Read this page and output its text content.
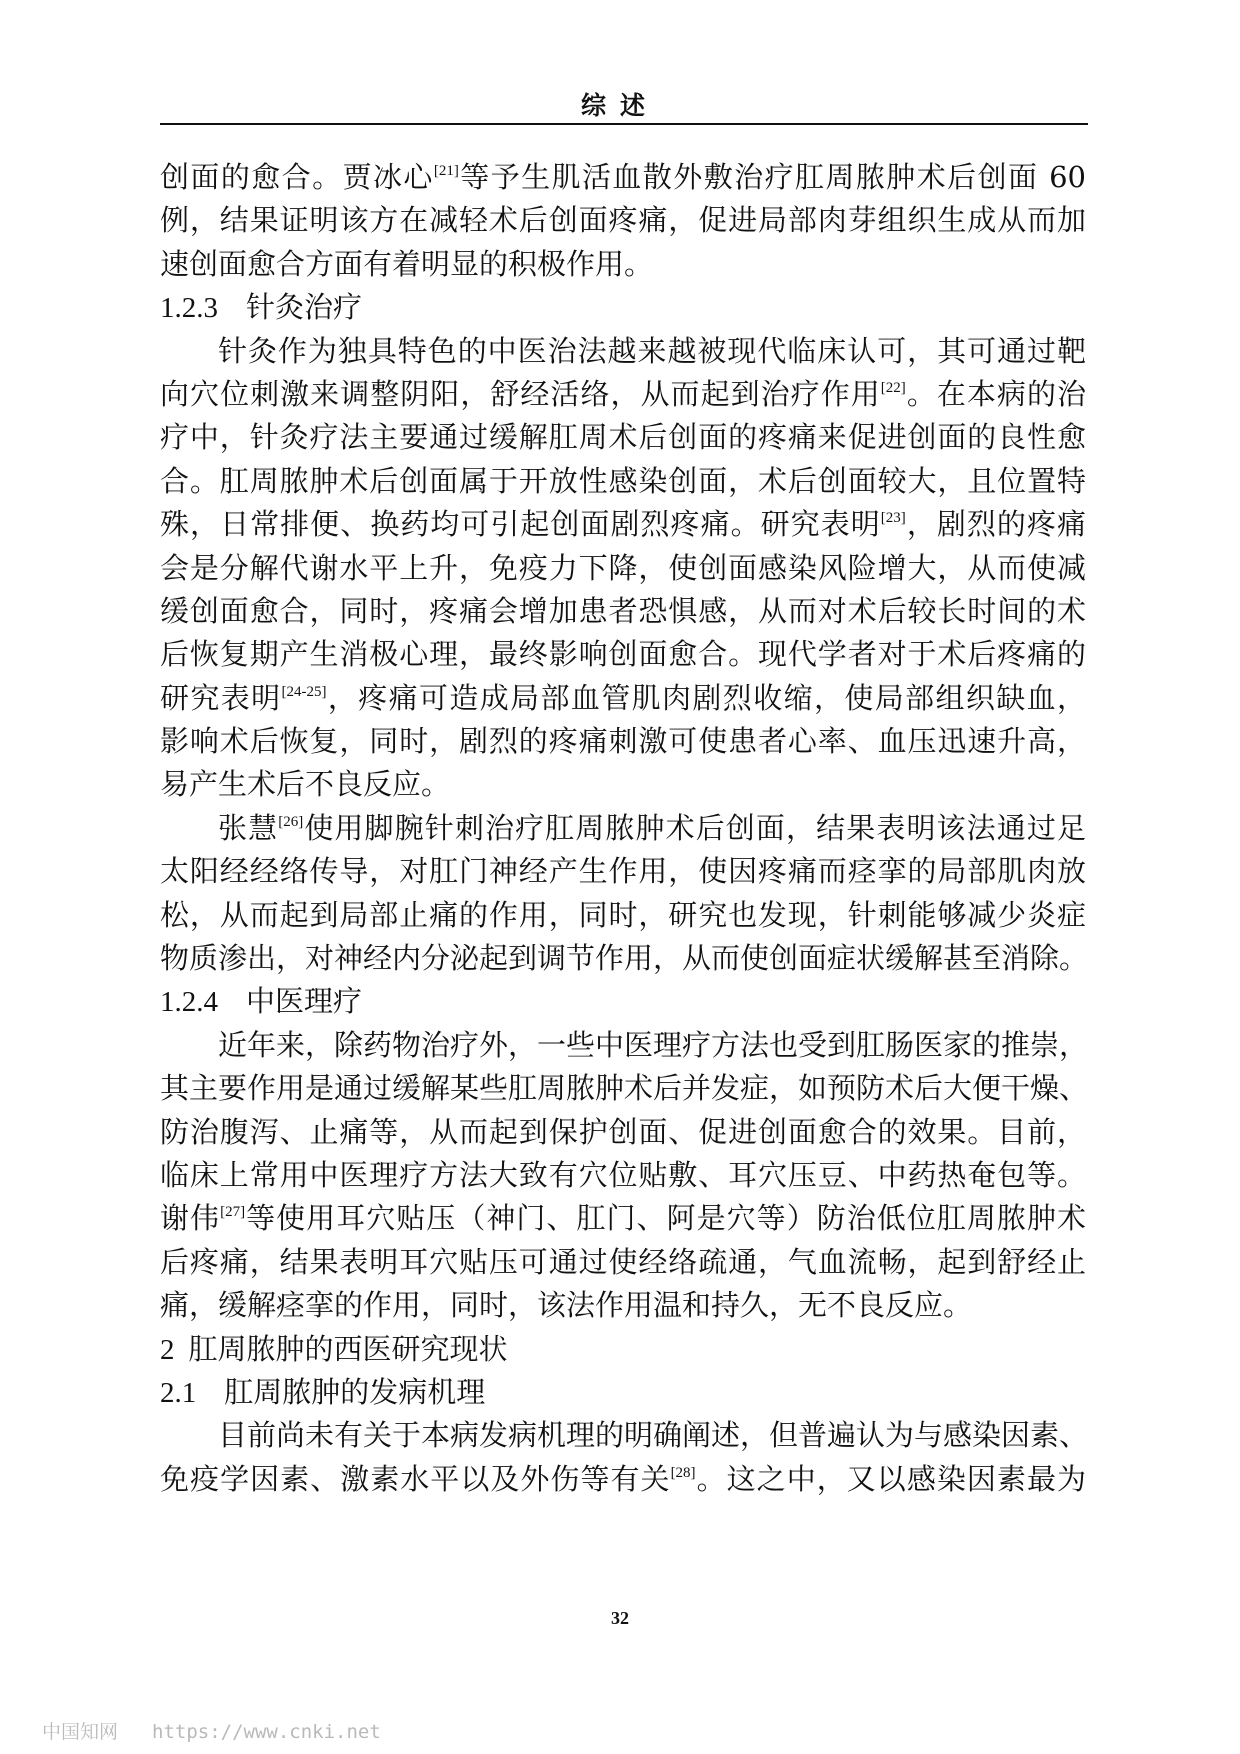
综述
创面的愈合。贾冰心[21]等予生肌活血散外敷治疗肛周脓肿术后创面 60
例，结果证明该方在减轻术后创面疼痛，促进局部肉芽组织生成从而加
速创面愈合方面有着明显的积极作用。
1.2.3 针灸治疗
针灸作为独具特色的中医治法越来越被现代临床认可，其可通过靶
向穴位刺激来调整阴阳，舒经活络，从而起到治疗作用[22]。在本病的治
疗中，针灸疗法主要通过缓解肛周术后创面的疼痛来促进创面的良性愈
合。肛周脓肿术后创面属于开放性感染创面，术后创面较大，且位置特
殊，日常排便、换药均可引起创面剧烈疼痛。研究表明[23]，剧烈的疼痛
会是分解代谢水平上升，免疫力下降，使创面感染风险增大，从而使减
缓创面愈合，同时，疼痛会增加患者恐惧感，从而对术后较长时间的术
后恢复期产生消极心理，最终影响创面愈合。现代学者对于术后疼痛的
研究表明[24-25]，疼痛可造成局部血管肌肉剧烈收缩，使局部组织缺血，
影响术后恢复，同时，剧烈的疼痛刺激可使患者心率、血压迅速升高，
易产生术后不良反应。
张慧[26]使用脚腕针刺治疗肛周脓肿术后创面，结果表明该法通过足
太阳经经络传导，对肛门神经产生作用，使因疼痛而痉挛的局部肌肉放
松，从而起到局部止痛的作用，同时，研究也发现，针刺能够减少炎症
物质渗出，对神经内分泌起到调节作用，从而使创面症状缓解甚至消除。
1.2.4 中医理疗
近年来，除药物治疗外，一些中医理疗方法也受到肛肠医家的推崇，
其主要作用是通过缓解某些肛周脓肿术后并发症，如预防术后大便干燥、
防治腹泻、止痛等，从而起到保护创面、促进创面愈合的效果。目前，
临床上常用中医理疗方法大致有穴位贴敷、耳穴压豆、中药热奄包等。
谢伟[27]等使用耳穴贴压（神门、肛门、阿是穴等）防治低位肛周脓肿术
后疼痛，结果表明耳穴贴压可通过使经络疏通，气血流畅，起到舒经止
痛，缓解痉挛的作用，同时，该法作用温和持久，无不良反应。
2 肛周脓肿的西医研究现状
2.1 肛周脓肿的发病机理
目前尚未有关于本病发病机理的明确阐述，但普遍认为与感染因素、
免疫学因素、激素水平以及外伤等有关[28]。这之中，又以感染因素最为
32
中国知网 https://www.cnki.net
